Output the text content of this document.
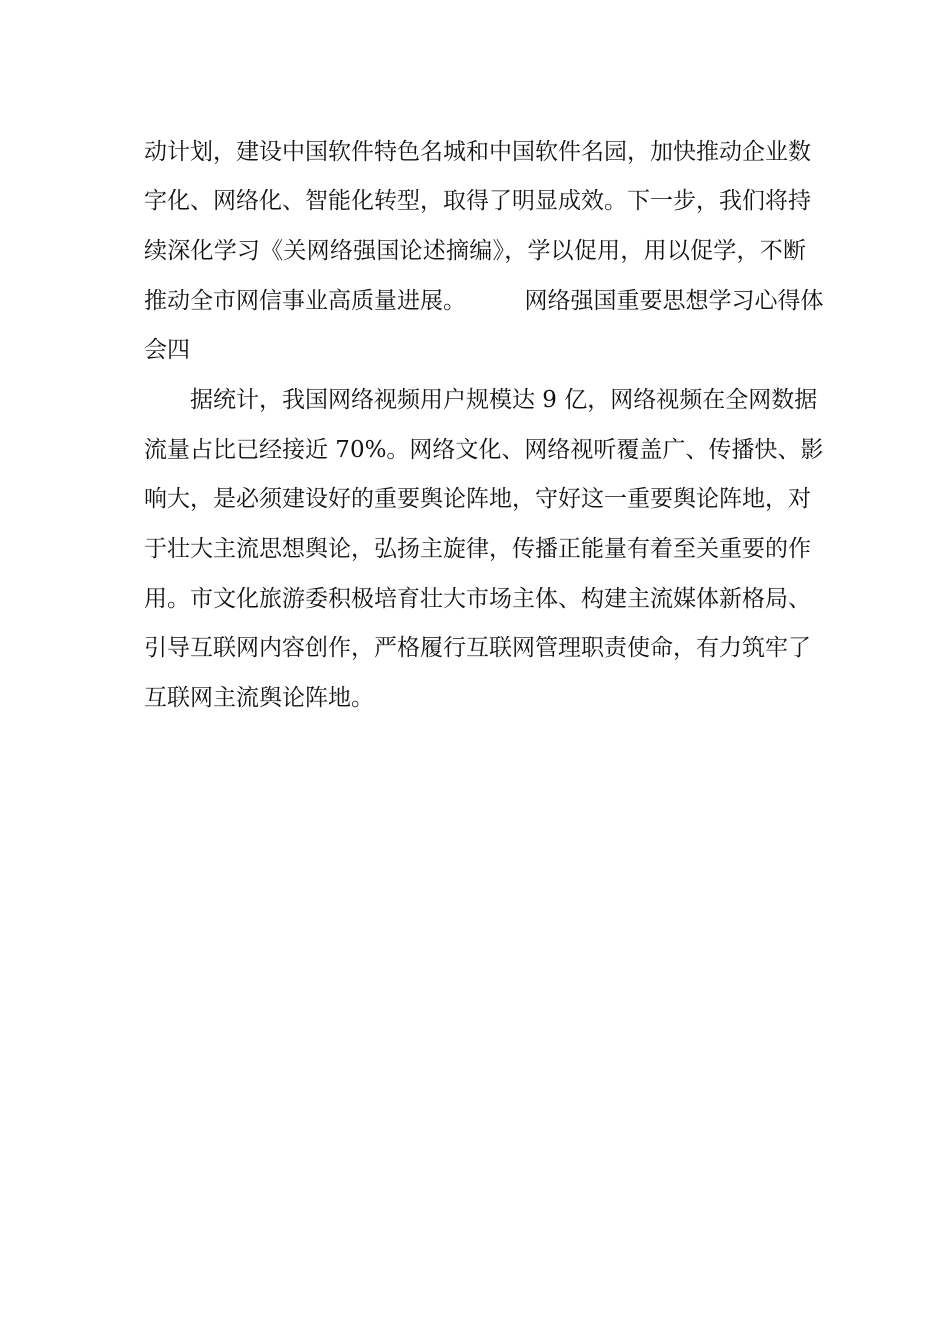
动计划，建设中国软件特色名城和中国软件名园，加快推动企业数

字化、网络化、智能化转型，取得了明显成效。下一步，我们将持

续深化学习《关网络强国论述摘编》，学以促用，用以促学，不断

推动全市网信事业高质量进展。        网络强国重要思想学习心得体

会四

据统计，我国网络视频用户规模达 9 亿，网络视频在全网数据

流量占比已经接近 70%。网络文化、网络视听覆盖广、传播快、影

响大，是必须建设好的重要舆论阵地，守好这一重要舆论阵地，对

于壮大主流思想舆论，弘扬主旋律，传播正能量有着至关重要的作

用。市文化旅游委积极培育壮大市场主体、构建主流媒体新格局、

引导互联网内容创作，严格履行互联网管理职责使命，有力筑牢了

互联网主流舆论阵地。
